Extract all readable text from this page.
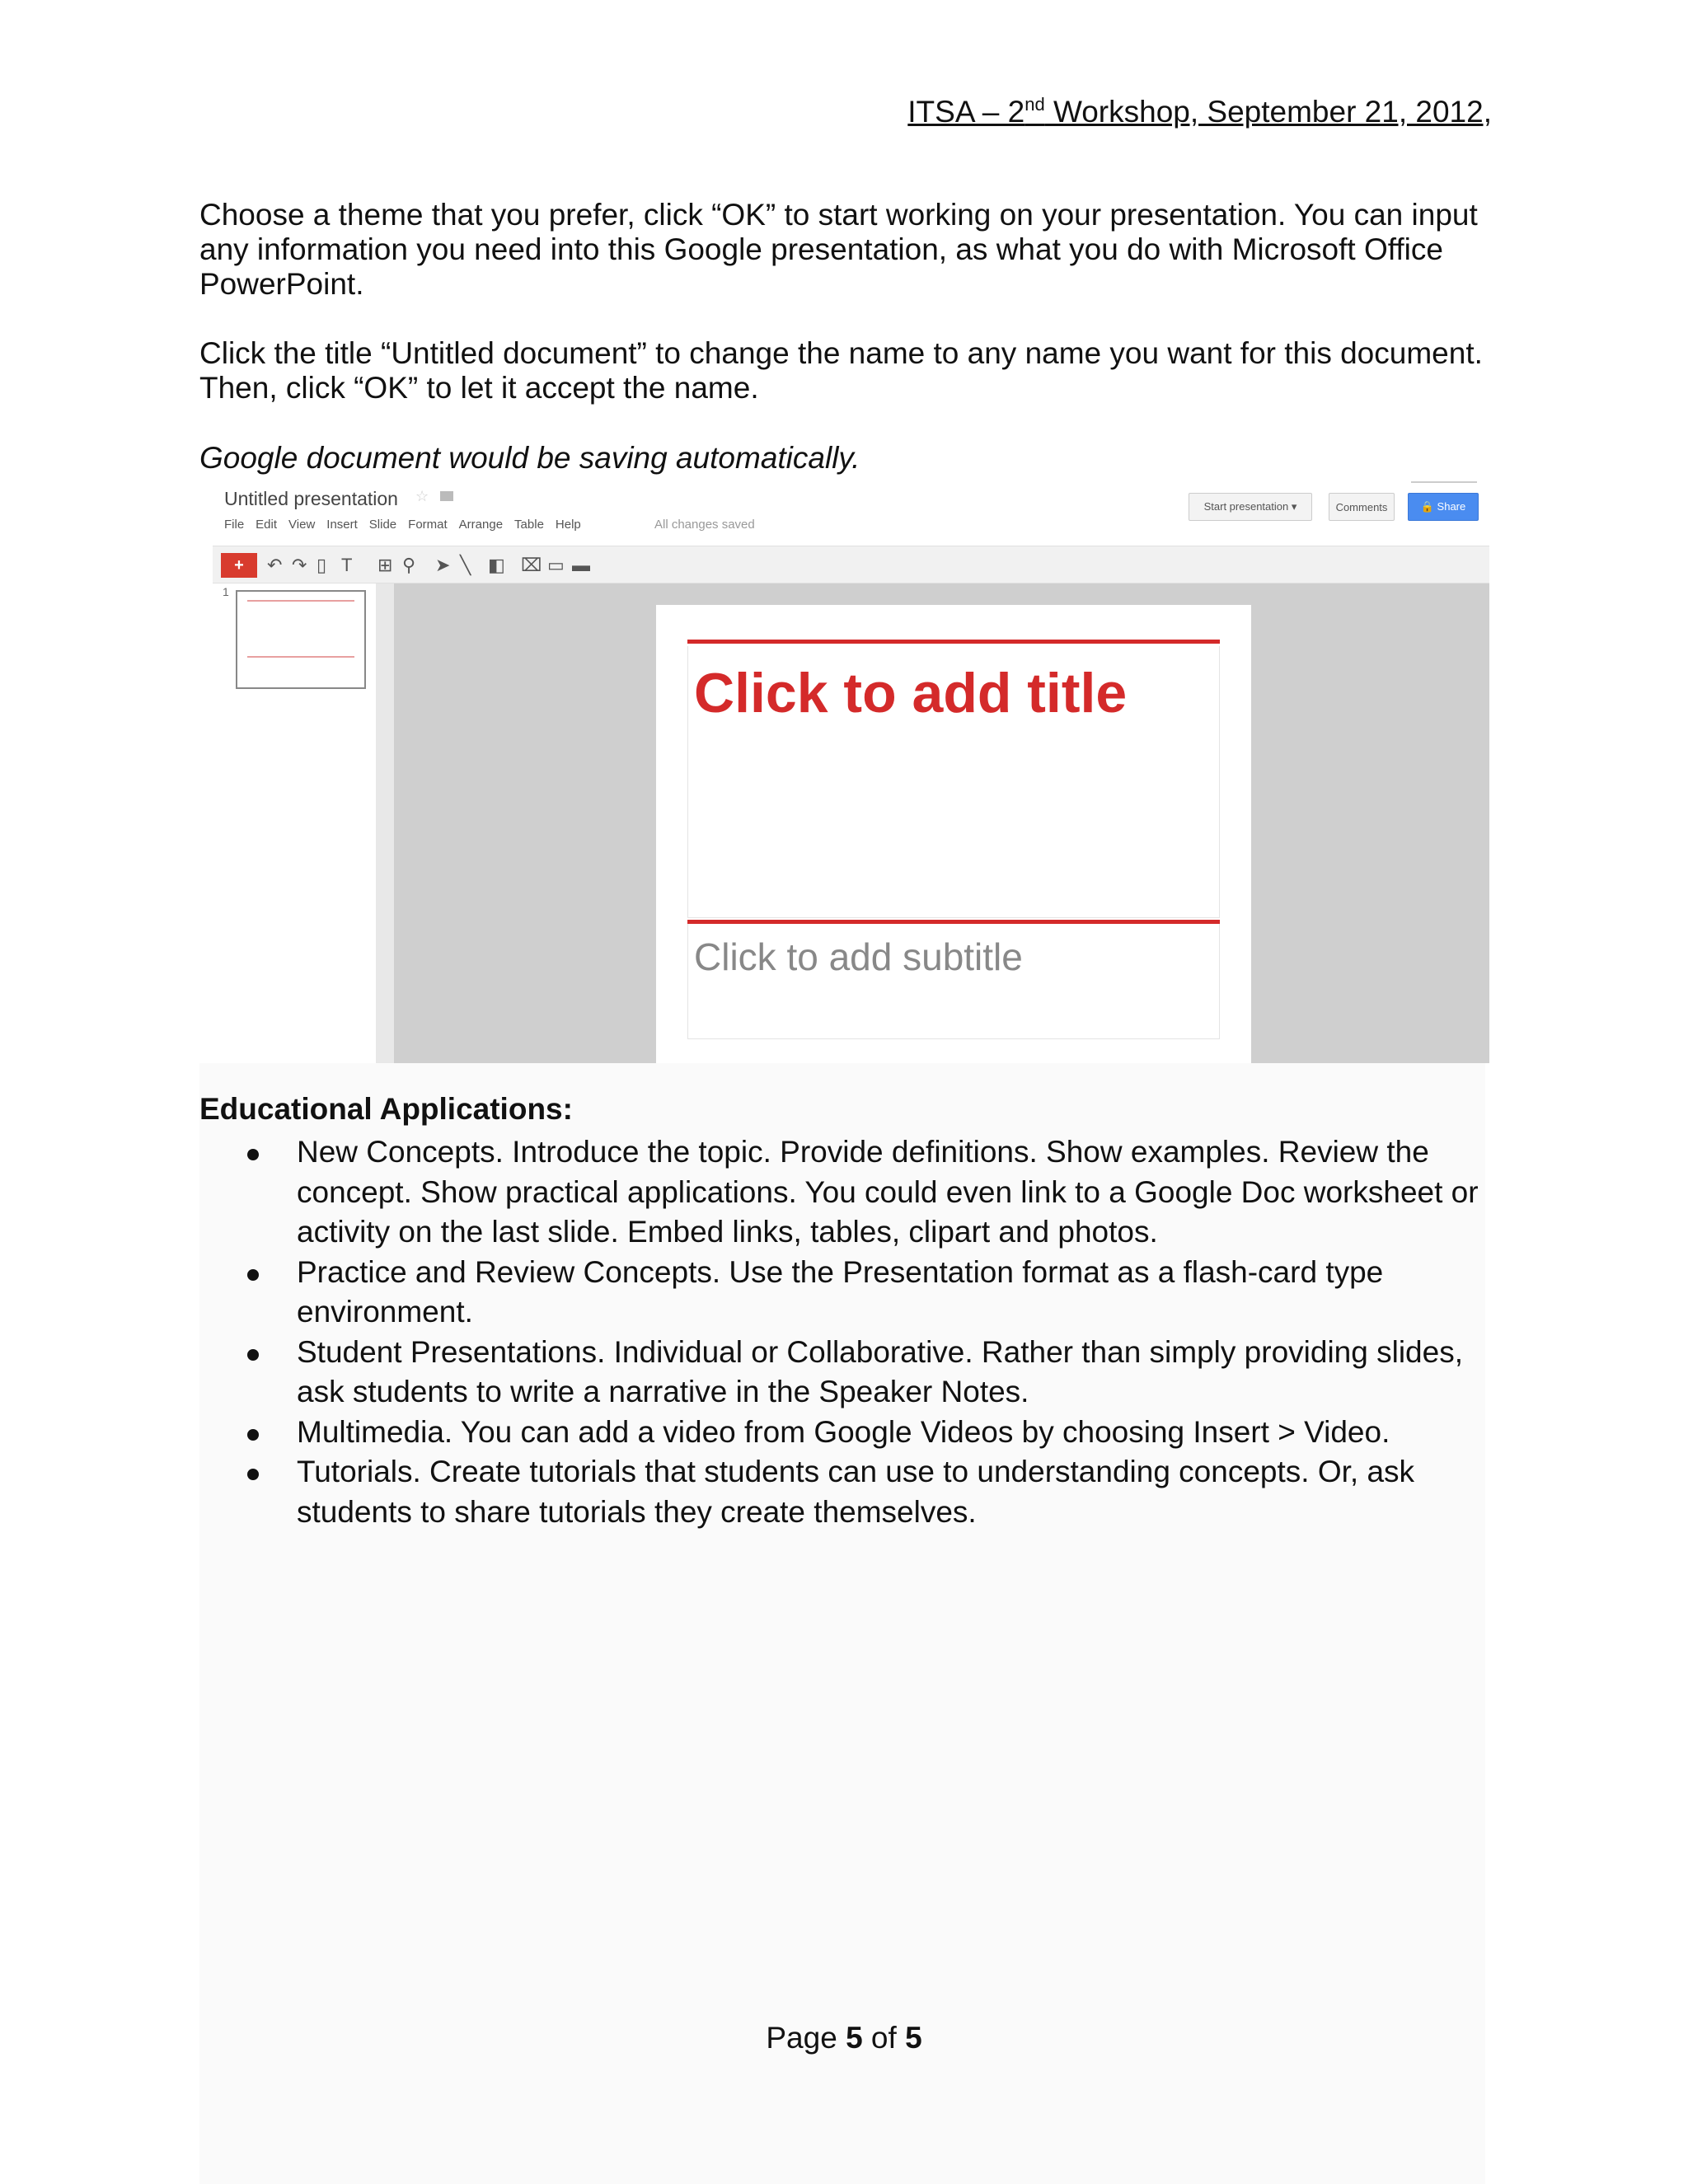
ITSA – 2nd Workshop, September 21, 2012,

Choose a theme that you prefer, click “OK” to start working on your presentation. You can input any information you need into this Google presentation, as what you do with Microsoft Office PowerPoint.

Click the title “Untitled document” to change the name to any name you want for this document. Then, click “OK” to let it accept the name.

Google document would be saving automatically.

Untitled presentation ☆
File Edit View Insert Slide Format Arrange Table Help	All changes saved
Start presentation ▾	Comments	🔒 Share
+	↶ ↷ ▯ T ⊞ ⚲ ➤ ╲ ◧ ⌧ ▭ ▬
1
Click to add title
Click to add subtitle
Educational Applications:
New Concepts. Introduce the topic. Provide definitions. Show examples. Review the concept. Show practical applications. You could even link to a Google Doc worksheet or activity on the last slide. Embed links, tables, clipart and photos.
Practice and Review Concepts. Use the Presentation format as a flash-card type environment.
Student Presentations. Individual or Collaborative. Rather than simply providing slides, ask students to write a narrative in the Speaker Notes.
Multimedia. You can add a video from Google Videos by choosing Insert > Video.
Tutorials. Create tutorials that students can use to understanding concepts. Or, ask students to share tutorials they create themselves.
Page 5 of 5
